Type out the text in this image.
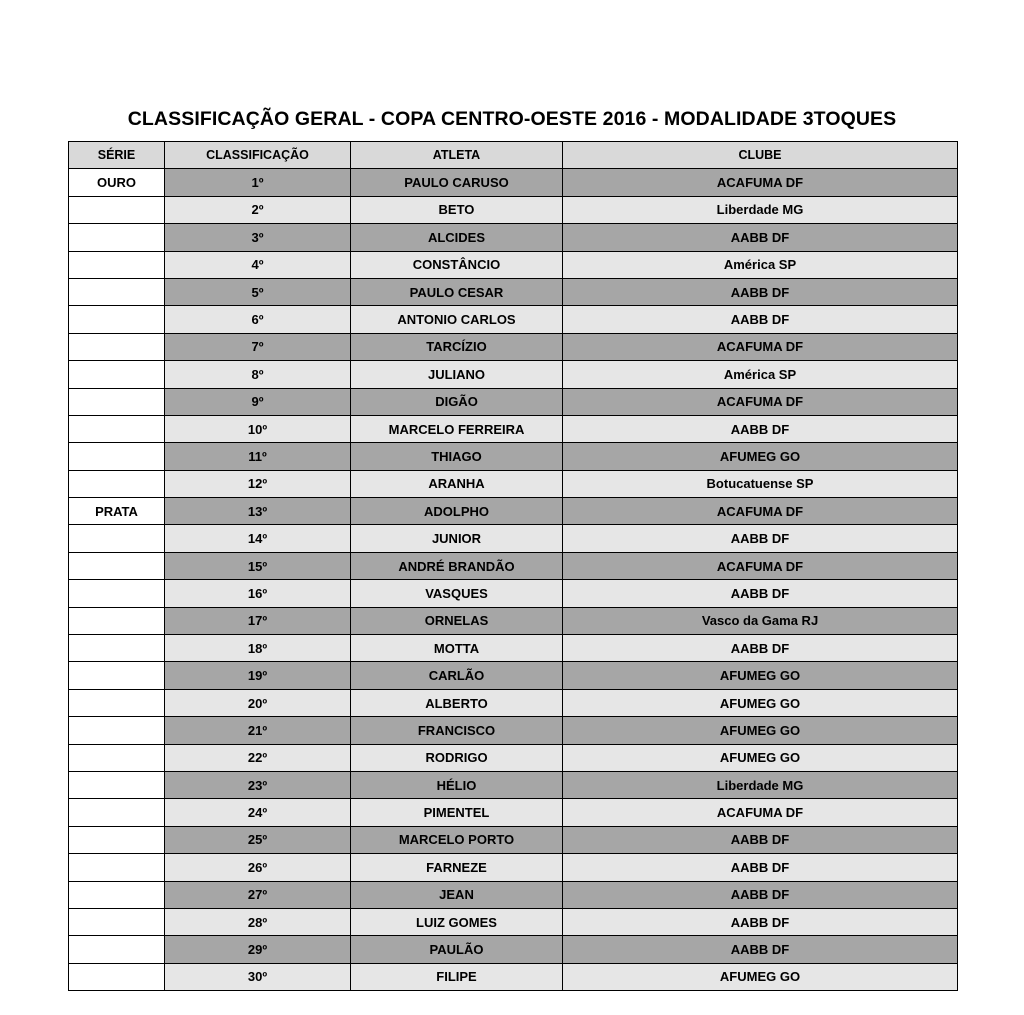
CLASSIFICAÇÃO GERAL - COPA CENTRO-OESTE 2016 - MODALIDADE 3TOQUES
SÉRIE	CLASSIFICAÇÃO	ATLETA	CLUBE
OURO	1º	PAULO CARUSO	ACAFUMA DF
	2º	BETO	Liberdade MG
	3º	ALCIDES	AABB DF
	4º	CONSTÂNCIO	América SP
	5º	PAULO CESAR	AABB DF
	6º	ANTONIO CARLOS	AABB DF
	7º	TARCÍZIO	ACAFUMA DF
	8º	JULIANO	América SP
	9º	DIGÃO	ACAFUMA DF
	10º	MARCELO FERREIRA	AABB DF
	11º	THIAGO	AFUMEG GO
	12º	ARANHA	Botucatuense SP
PRATA	13º	ADOLPHO	ACAFUMA DF
	14º	JUNIOR	AABB DF
	15º	ANDRÉ BRANDÃO	ACAFUMA DF
	16º	VASQUES	AABB DF
	17º	ORNELAS	Vasco da Gama RJ
	18º	MOTTA	AABB DF
	19º	CARLÃO	AFUMEG GO
	20º	ALBERTO	AFUMEG GO
	21º	FRANCISCO	AFUMEG GO
	22º	RODRIGO	AFUMEG GO
	23º	HÉLIO	Liberdade MG
	24º	PIMENTEL	ACAFUMA DF
	25º	MARCELO PORTO	AABB DF
	26º	FARNEZE	AABB DF
	27º	JEAN	AABB DF
	28º	LUIZ GOMES	AABB DF
	29º	PAULÃO	AABB DF
	30º	FILIPE	AFUMEG GO
